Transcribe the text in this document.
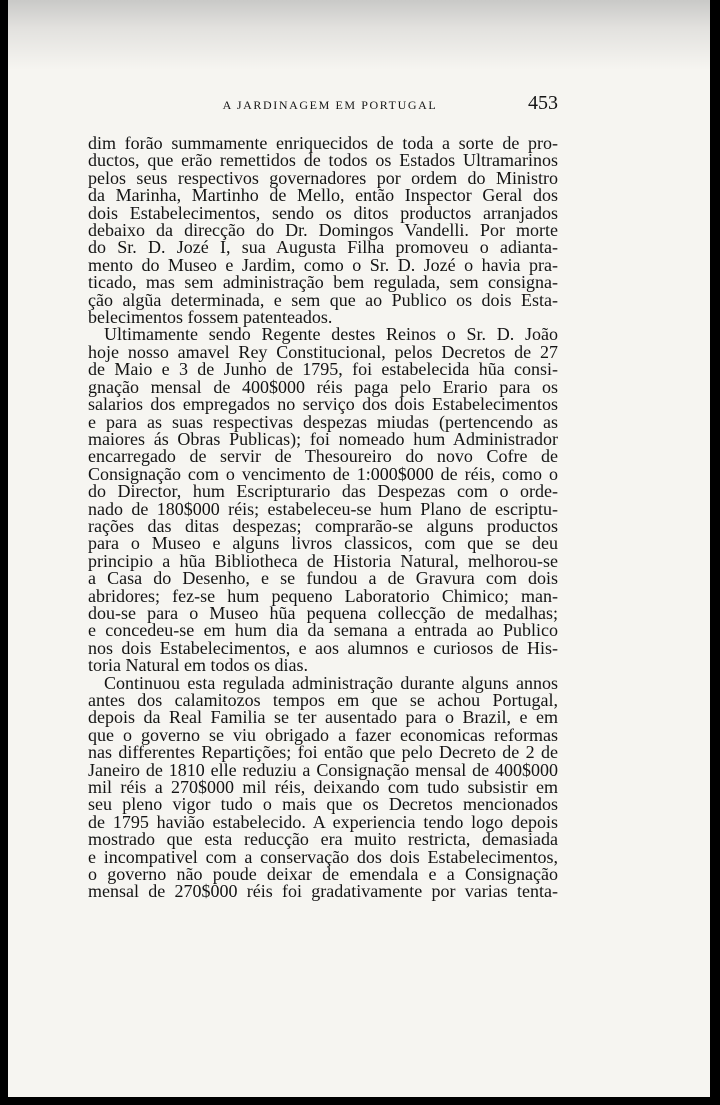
A JARDINAGEM EM PORTUGAL	453
dim forão summamente enriquecidos de toda a sorte de pro-
ductos, que erão remettidos de todos os Estados Ultramarinos
pelos seus respectivos governadores por ordem do Ministro
da Marinha, Martinho de Mello, então Inspector Geral dos
dois Estabelecimentos, sendo os ditos productos arranjados
debaixo da direcção do Dr. Domingos Vandelli. Por morte
do Sr. D. Jozé I, sua Augusta Filha promoveu o adianta-
mento do Museo e Jardim, como o Sr. D. Jozé o havia pra-
ticado, mas sem administração bem regulada, sem consigna-
ção algũa determinada, e sem que ao Publico os dois Esta-
belecimentos fossem patenteados.
Ultimamente sendo Regente destes Reinos o Sr. D. João
hoje nosso amavel Rey Constitucional, pelos Decretos de 27
de Maio e 3 de Junho de 1795, foi estabelecida hũa consi-
gnação mensal de 400$000 réis paga pelo Erario para os
salarios dos empregados no serviço dos dois Estabelecimentos
e para as suas respectivas despezas miudas (pertencendo as
maiores ás Obras Publicas); foi nomeado hum Administrador
encarregado de servir de Thesoureiro do novo Cofre de
Consignação com o vencimento de 1:000$000 de réis, como o
do Director, hum Escripturario das Despezas com o orde-
nado de 180$000 réis; estabeleceu-se hum Plano de escriptu-
rações das ditas despezas; comprarão-se alguns productos
para o Museo e alguns livros classicos, com que se deu
principio a hũa Bibliotheca de Historia Natural, melhorou-se
a Casa do Desenho, e se fundou a de Gravura com dois
abridores; fez-se hum pequeno Laboratorio Chimico; man-
dou-se para o Museo hũa pequena collecção de medalhas;
e concedeu-se em hum dia da semana a entrada ao Publico
nos dois Estabelecimentos, e aos alumnos e curiosos de His-
toria Natural em todos os dias.
Continuou esta regulada administração durante alguns annos
antes dos calamitozos tempos em que se achou Portugal,
depois da Real Familia se ter ausentado para o Brazil, e em
que o governo se viu obrigado a fazer economicas reformas
nas differentes Repartições; foi então que pelo Decreto de 2 de
Janeiro de 1810 elle reduziu a Consignação mensal de 400$000
mil réis a 270$000 mil réis, deixando com tudo subsistir em
seu pleno vigor tudo o mais que os Decretos mencionados
de 1795 havião estabelecido. A experiencia tendo logo depois
mostrado que esta reducção era muito restricta, demasiada
e incompativel com a conservação dos dois Estabelecimentos,
o governo não poude deixar de emendala e a Consignação
mensal de 270$000 réis foi gradativamente por varias tenta-
